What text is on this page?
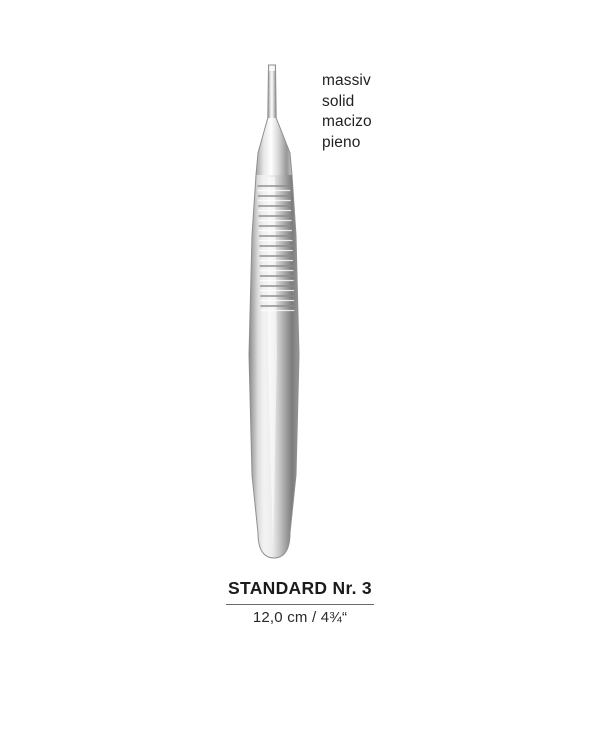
massiv
solid
macizo
pieno
STANDARD Nr. 3
12,0 cm / 4¾“
